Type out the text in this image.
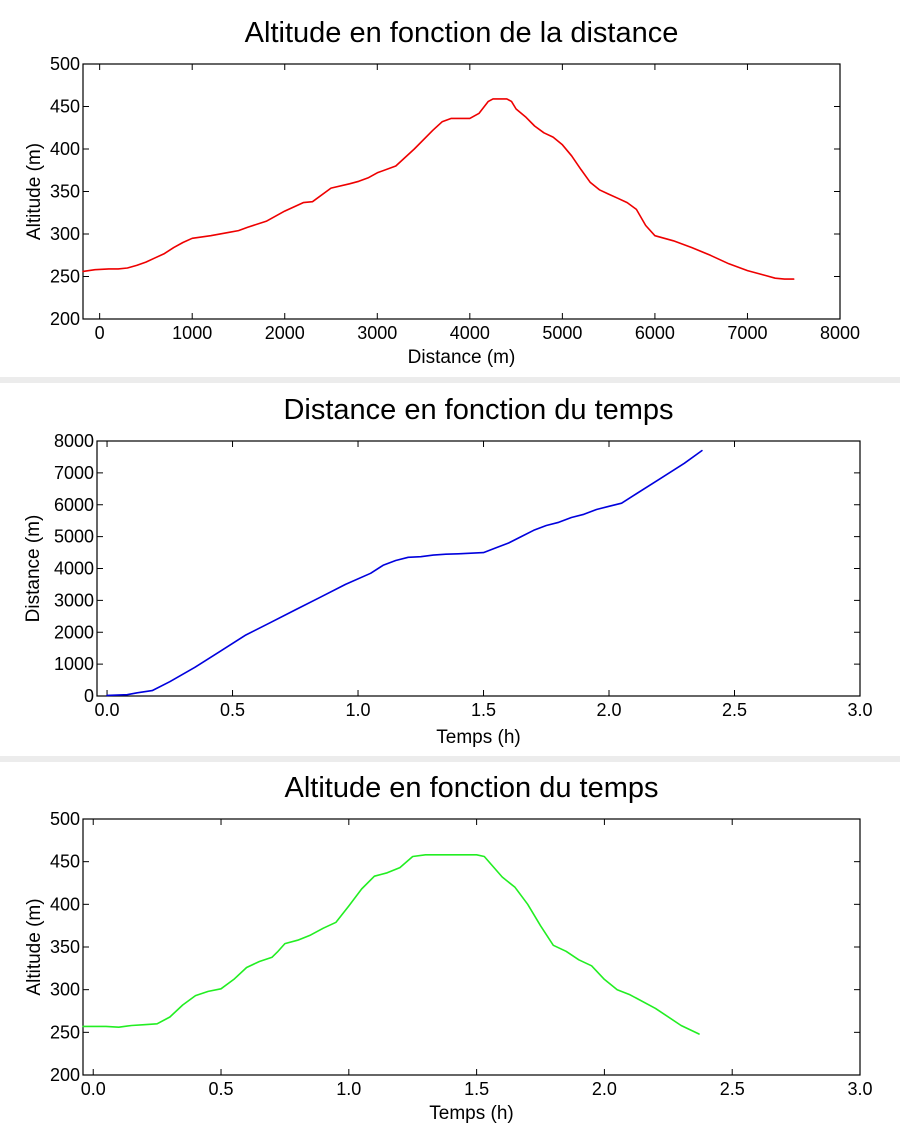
Altitude en fonction de la distance
Distance (m)
Altitude (m)
0	1000	2000	3000	4000	5000	6000	7000	8000
200
250
300
350
400
450
500
Distance en fonction du temps
Temps (h)
Distance (m)
0.0	0.5	1.0	1.5	2.0	2.5	3.0
0
1000
2000
3000
4000
5000
6000
7000
8000
Altitude en fonction du temps
Temps (h)
Altitude (m)
0.0	0.5	1.0	1.5	2.0	2.5	3.0
200
250
300
350
400
450
500
